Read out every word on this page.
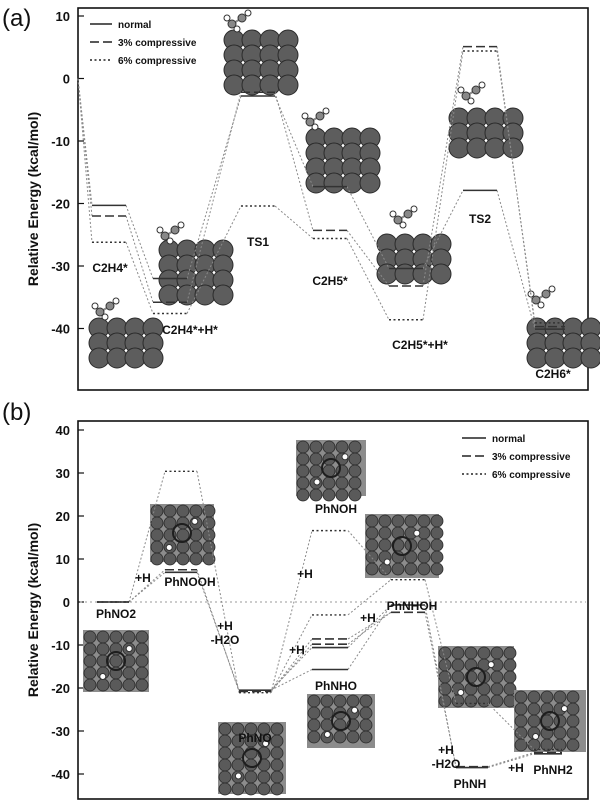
(a)
Relative Energy (kcal/mol)
10
0
-10
-20
-30
-40
C2H4*
C2H4*+H*
TS1
C2H5*
C2H5*+H*
TS2
C2H6*
normal
3% compressive
6% compressive
(b)
Relative Energy (kcal/mol)
40
30
20
10
0
-10
-20
-30
-40
PhNO2
PhNOOH
PhNO
PhNHO
PhNOH
PhNHOH
PhNH
PhNH2
+H
+H -H2O
+H
+H
+H
+H -H2O	+H
normal
3% compressive
6% compressive
